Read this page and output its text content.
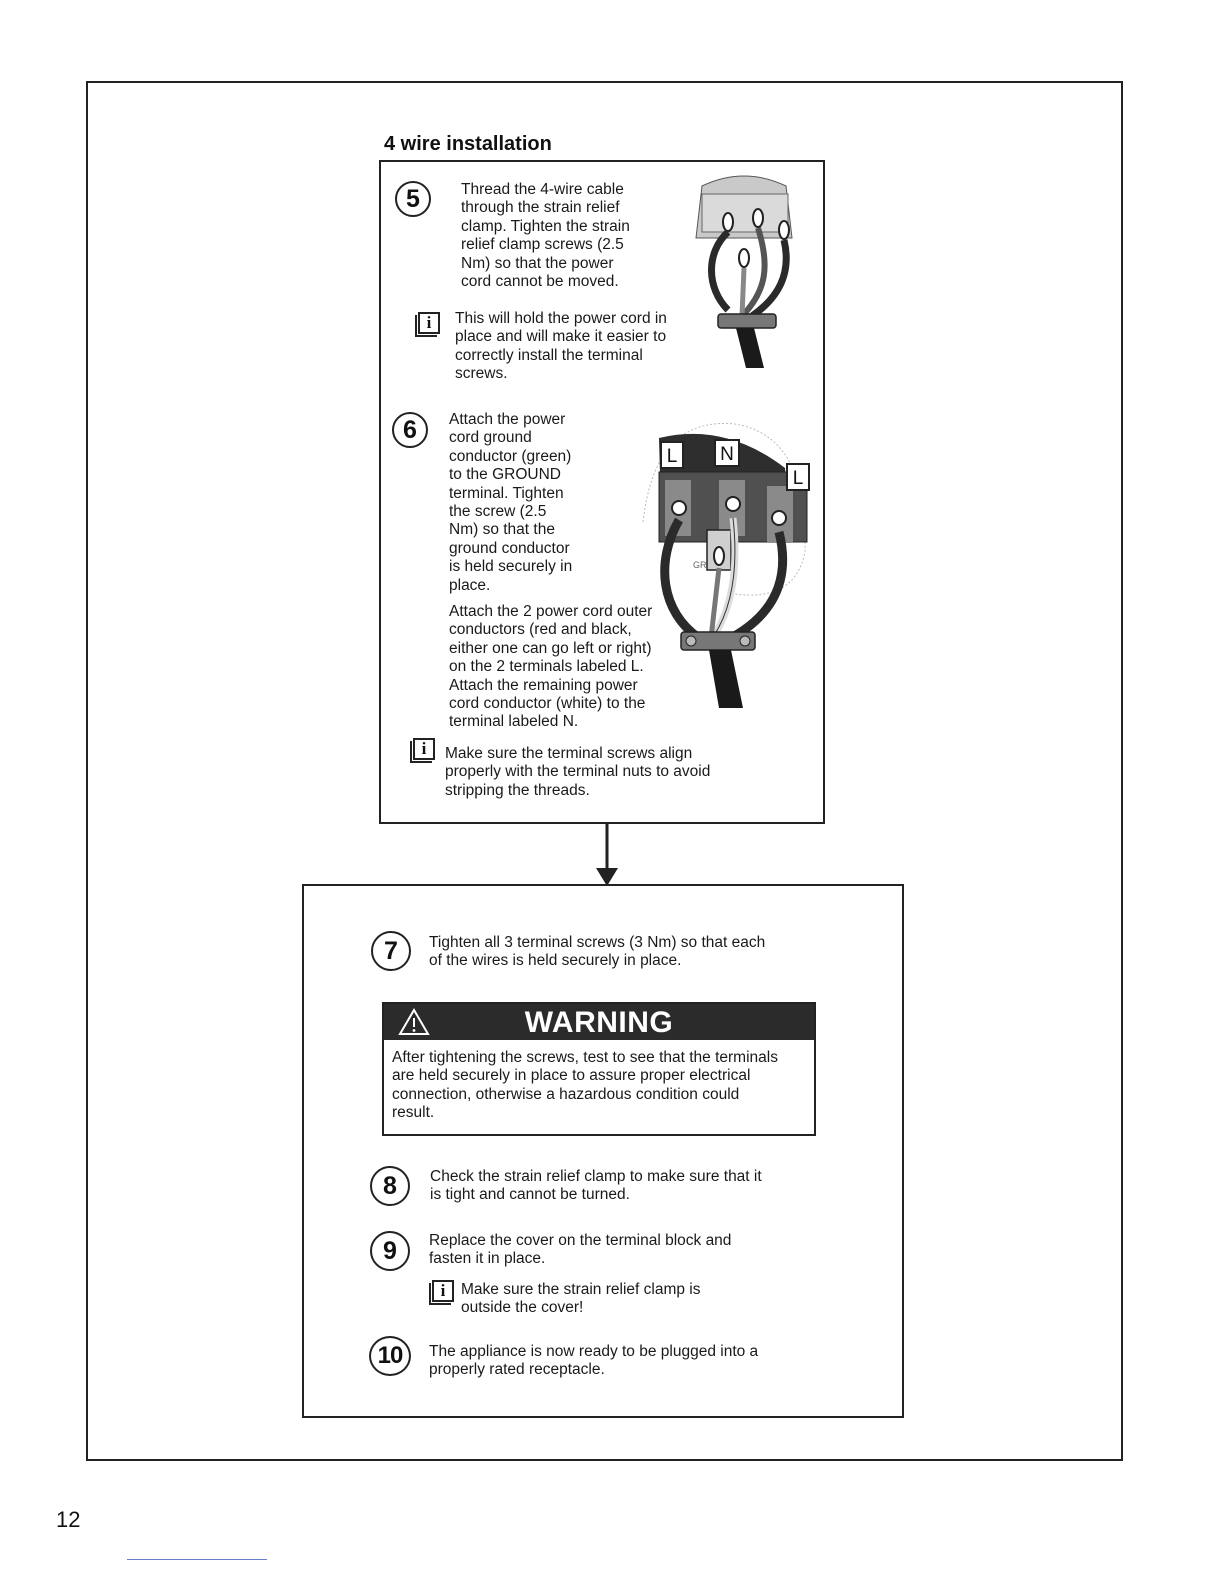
4 wire installation
5	Thread the 4-wire cable
through the strain relief
clamp. Tighten the strain
relief clamp screws (2.5
Nm) so that the power
cord cannot be moved.
i	This will hold the power cord in
place and will make it easier to
correctly install the terminal
screws.
6	Attach the power
cord ground
conductor (green)
to the GROUND
terminal. Tighten
the screw (2.5
Nm) so that the
ground conductor
is held securely in
place.
Attach the 2 power cord outer
conductors (red and black,
either one can go left or right)
on the 2 terminals labeled L.
Attach the remaining power
cord conductor (white) to the
terminal labeled N.
i	Make sure the terminal screws align
properly with the terminal nuts to avoid
stripping the threads.
L N
L
GR
7	Tighten all 3 terminal screws (3 Nm) so that each
of the wires is held securely in place.
WARNING
After tightening the screws, test to see that the terminals
are held securely in place to assure proper electrical
connection, otherwise a hazardous condition could
result.
8	Check the strain relief clamp to make sure that it
is tight and cannot be turned.
9	Replace the cover on the terminal block and
fasten it in place.
i	Make sure the strain relief clamp is
outside the cover!
10	The appliance is now ready to be plugged into a
properly rated receptacle.
12
